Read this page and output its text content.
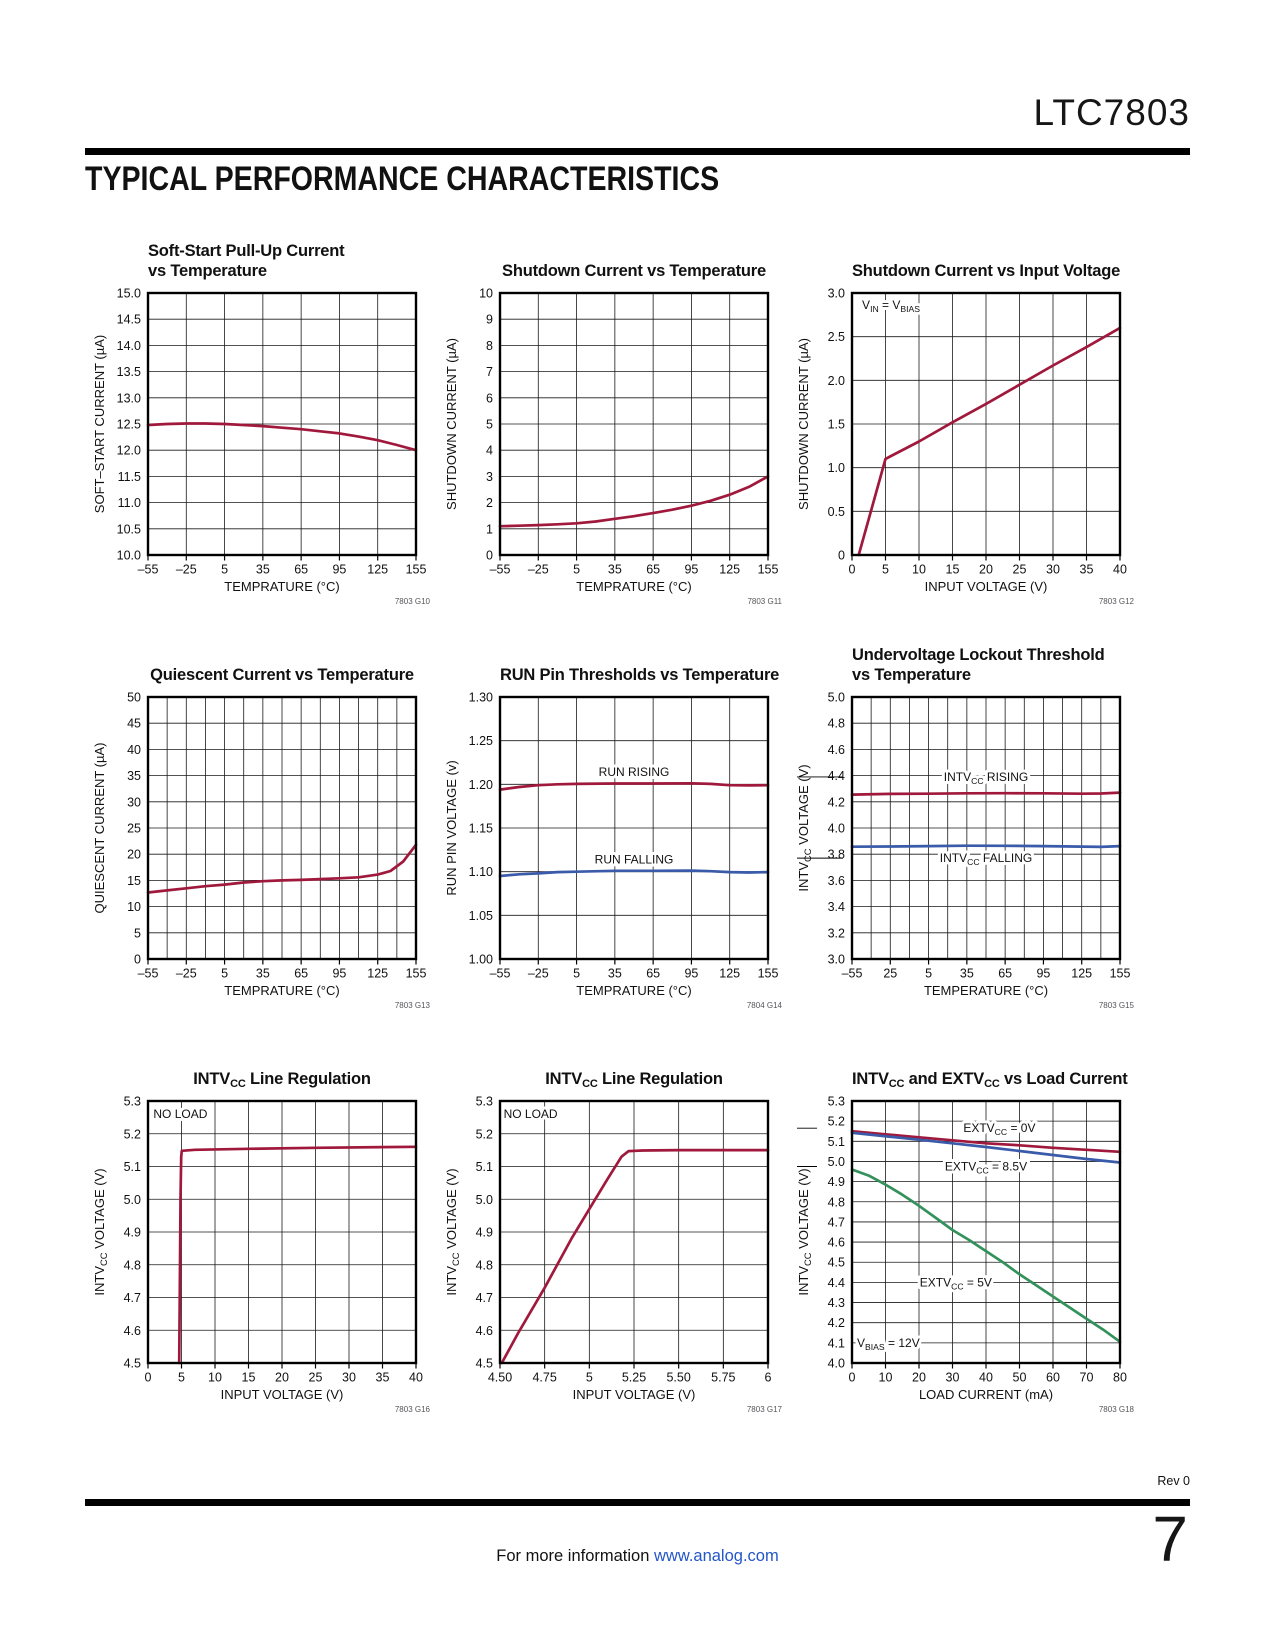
LTC7803
TYPICAL PERFORMANCE CHARACTERISTICS
Soft-Start Pull-Up Current
vs Temperature
–55 –25 5 35 65 95 125 155
10.0
10.5
11.0
11.5
12.0
12.5
13.0
13.5
14.0
14.5
15.0
TEMPRATURE (°C)
SOFT–START CURRENT (µA)
7803 G10
Shutdown Current vs Temperature
–55 –25 5 35 65 95 125 155
0
1
2
3
4
5
6
7
8
9
10
TEMPRATURE (°C)
SHUTDOWN CURRENT (µA)
7803 G11
Shutdown Current vs Input Voltage
0 5 10 15 20 25 30 35 40
0
0.5
1.0
1.5
2.0
2.5
3.0
INPUT VOLTAGE (V)
SHUTDOWN CURRENT (µA)
7803 G12
$V_{IN} = V_{BIAS}$
Quiescent Current vs Temperature
–55 –25 5 35 65 95 125 155
0
5
10
15
20
25
30
35
40
45
50
TEMPRATURE (°C)
QUIESCENT CURRENT (µA)
7803 G13
RUN Pin Thresholds vs Temperature
–55 –25 5 35 65 95 125 155
1.00
1.05
1.10
1.15
1.20
1.25
1.30
TEMPRATURE (°C)
RUN PIN VOLTAGE (v)
7804 G14
RUN RISING
RUN FALLING
Undervoltage Lockout Threshold
vs Temperature
–55 25 5 35 65 95 125 155
3.0
3.2
3.4
3.6
3.8
4.0
4.2
4.4
4.6
4.8
5.0
TEMPERATURE (°C)
$INTV_{CC}$ VOLTAGE (V)
7803 G15
$INTV_{CC}$ RISING
$INTV_{CC}$ FALLING
$INTV_{CC}$ Line Regulation
0 5 10 15 20 25 30 35 40
4.5
4.6
4.7
4.8
4.9
5.0
5.1
5.2
5.3
INPUT VOLTAGE (V)
$INTV_{CC}$ VOLTAGE (V)
7803 G16
NO LOAD
$INTV_{CC}$ Line Regulation
4.50 4.75 5 5.25 5.50 5.75 6
4.5
4.6
4.7
4.8
4.9
5.0
5.1
5.2
5.3
INPUT VOLTAGE (V)
$INTV_{CC}$ VOLTAGE (V)
7803 G17
NO LOAD
$INTV_{CC}$ and $EXTV_{CC}$ vs Load Current
0 10 20 30 40 50 60 70 80
4.0
4.1
4.2
4.3
4.4
4.5
4.6
4.7
4.8
4.9
5.0
5.1
5.2
5.3
LOAD CURRENT (mA)
$INTV_{CC}$ VOLTAGE (V)
7803 G18
$EXTV_{CC} = 0V$
$EXTV_{CC} = 8.5V$
$EXTV_{CC} = 5V$
$V_{BIAS} = 12V$
Rev 0
7
For more information www.analog.com
